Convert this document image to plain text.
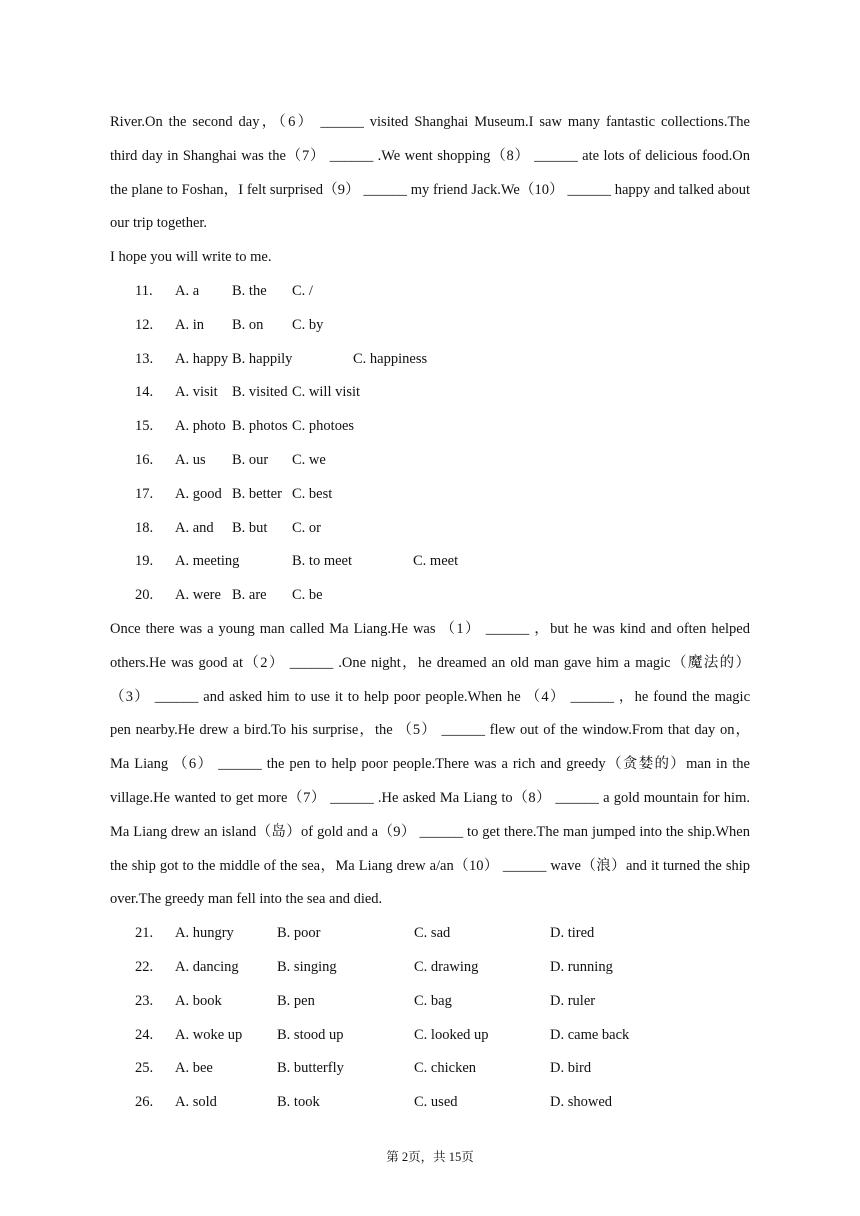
River.On the second day，（6） ______ visited Shanghai Museum.I saw many fantastic collections.The
third day in Shanghai was the（7） ______ .We went shopping（8） ______ ate lots of delicious food.On
the plane to Foshan，I felt surprised（9） ______ my friend Jack.We（10） ______ happy and talked about
our trip together.
I hope you will write to me.
11. A. a B. the C. /
12. A. in B. on C. by
13. A. happy B. happily	C. happiness
14. A. visit B. visited C. will visit
15. A. photo B. photos C. photoes
16. A. us B. our C. we
17. A. good B. better C. best
18. A. and B. but C. or
19. A. meeting	B. to meet	C. meet
20. A. were B. are C. be
Once there was a young man called Ma Liang.He was （1） ______ ，but he was kind and often helped
others.He was good at（2） ______ .One night，he dreamed an old man gave him a magic（魔法的）
（3） ______ and asked him to use it to help poor people.When he （4） ______ ，he found the magic
pen nearby.He drew a bird.To his surprise，the （5） ______ flew out of the window.From that day on，
Ma Liang （6） ______ the pen to help poor people.There was a rich and greedy（贪婪的）man in the
village.He wanted to get more（7） ______ .He asked Ma Liang to（8） ______ a gold mountain for him.
Ma Liang drew an island（岛）of gold and a（9） ______ to get there.The man jumped into the ship.When
the ship got to the middle of the sea，Ma Liang drew a/an（10） ______ wave（浪）and it turned the ship
over.The greedy man fell into the sea and died.
21. A. hungry	B. poor	C. sad	D. tired
22. A. dancing	B. singing	C. drawing	D. running
23. A. book	B. pen	C. bag	D. ruler
24. A. woke up B. stood up	C. looked up	D. came back
25. A. bee	B. butterfly	C. chicken	D. bird
26. A. sold	B. took	C. used	D. showed
第 2页，共 15页
